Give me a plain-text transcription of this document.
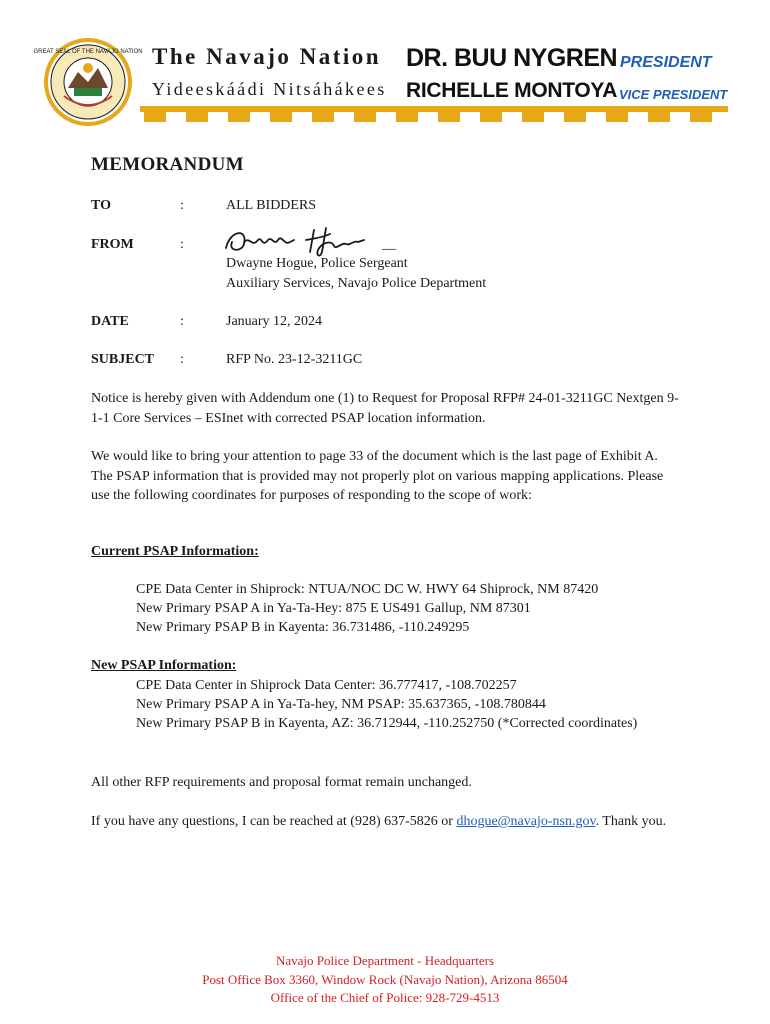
GREAT SEAL OF THE NAVAJO NATION The Navajo Nation
Yideeskáádi Nitsáhákees
DR. BUU NYGREN PRESIDENT
RICHELLE MONTOYA VICE PRESIDENT
MEMORANDUM
TO	:	ALL BIDDERS
FROM	:	__
Dwayne Hogue, Police Sergeant
Auxiliary Services, Navajo Police Department
DATE	:	January 12, 2024
SUBJECT :	RFP No. 23-12-3211GC
Notice is hereby given with Addendum one (1) to Request for Proposal RFP# 24-01-3211GC Nextgen 9-1-1 Core Services – ESInet with corrected PSAP location information.
We would like to bring your attention to page 33 of the document which is the last page of Exhibit A. The PSAP information that is provided may not properly plot on various mapping applications. Please use the following coordinates for purposes of responding to the scope of work:
Current PSAP Information:
CPE Data Center in Shiprock: NTUA/NOC DC W. HWY 64 Shiprock, NM 87420
New Primary PSAP A in Ya-Ta-Hey: 875 E US491 Gallup, NM 87301
New Primary PSAP B in Kayenta: 36.731486, -110.249295
New PSAP Information:
CPE Data Center in Shiprock Data Center: 36.777417, -108.702257
New Primary PSAP A in Ya-Ta-hey, NM PSAP: 35.637365, -108.780844
New Primary PSAP B in Kayenta, AZ: 36.712944, -110.252750 (*Corrected coordinates)
All other RFP requirements and proposal format remain unchanged.
If you have any questions, I can be reached at (928) 637-5826 or dhogue@navajo-nsn.gov. Thank you.
Navajo Police Department - Headquarters
Post Office Box 3360, Window Rock (Navajo Nation), Arizona 86504
Office of the Chief of Police: 928-729-4513
